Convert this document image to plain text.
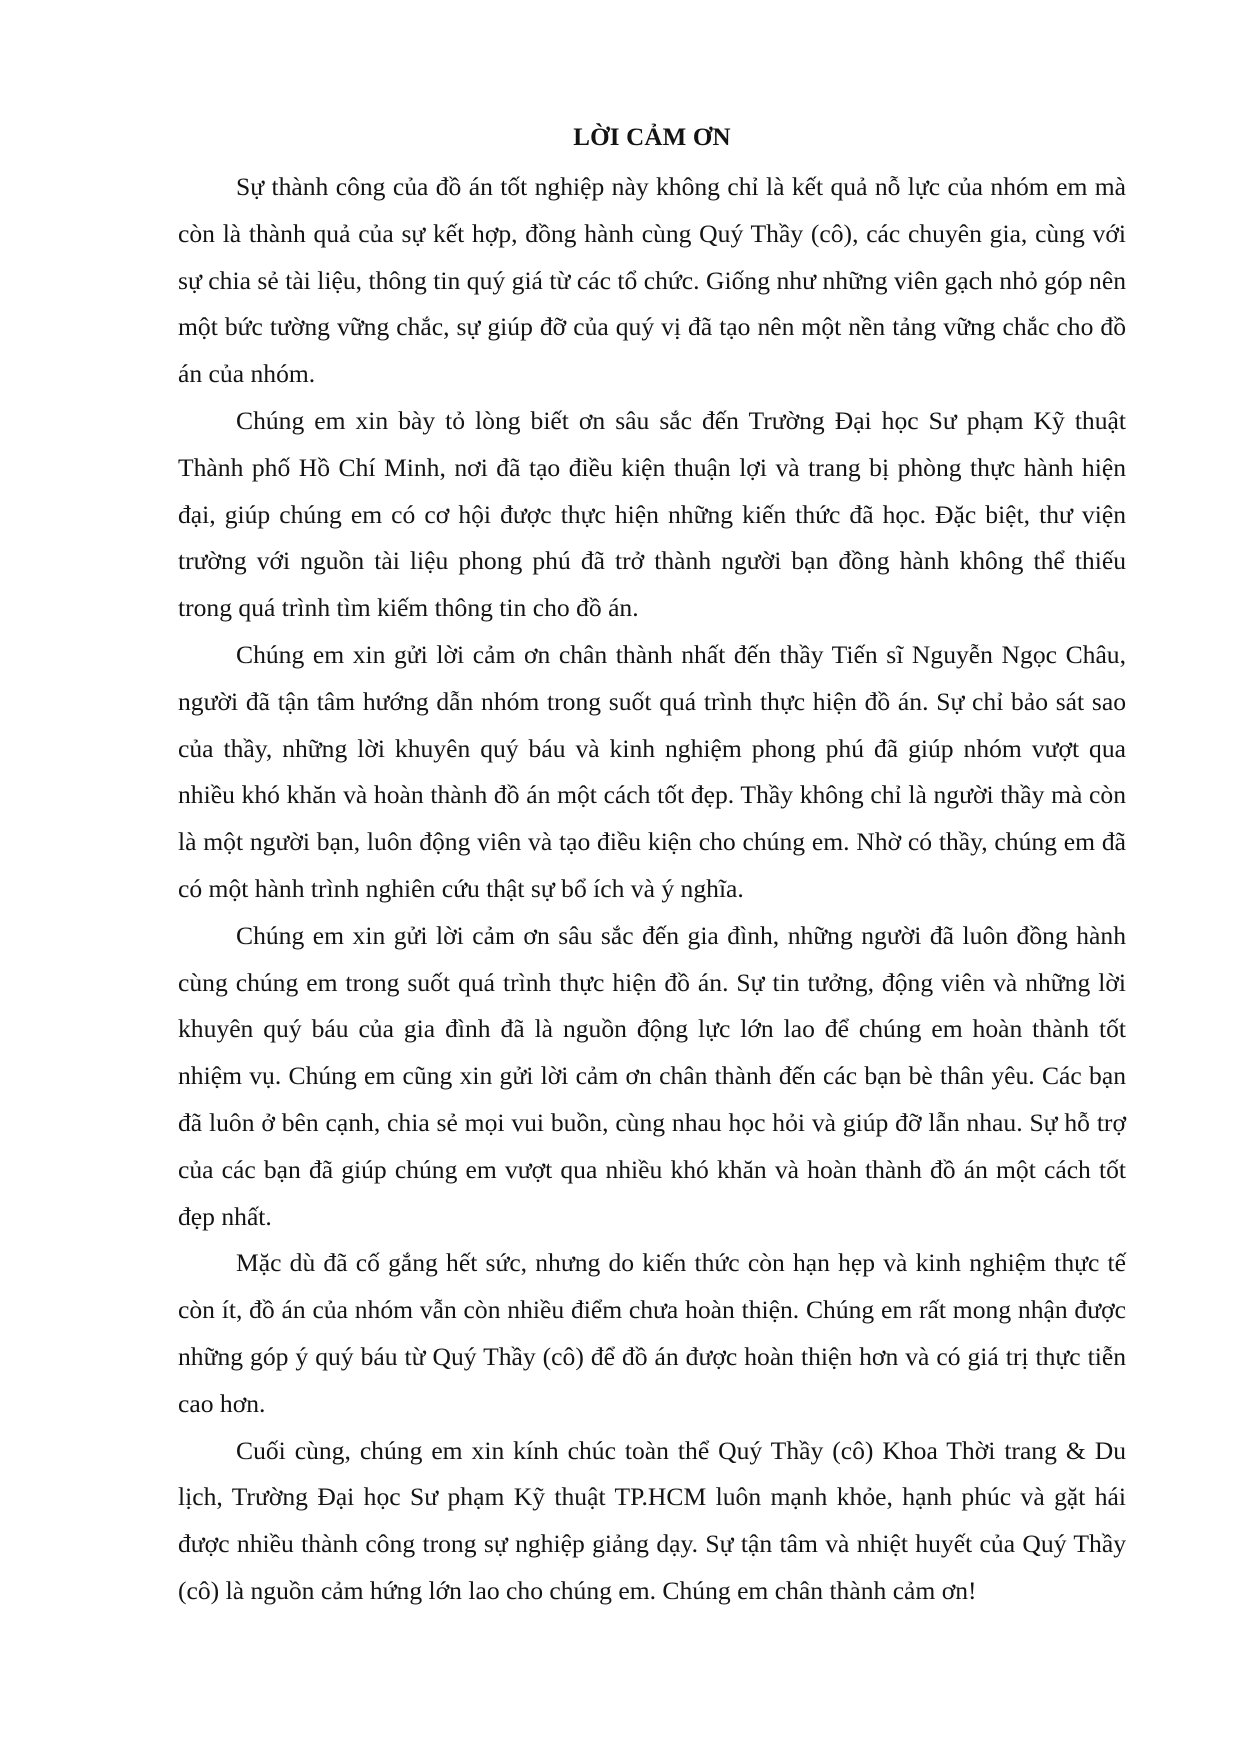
LỜI CẢM ƠN

Sự thành công của đồ án tốt nghiệp này không chỉ là kết quả nỗ lực của nhóm em mà còn là thành quả của sự kết hợp, đồng hành cùng Quý Thầy (cô), các chuyên gia, cùng với sự chia sẻ tài liệu, thông tin quý giá từ các tổ chức. Giống như những viên gạch nhỏ góp nên một bức tường vững chắc, sự giúp đỡ của quý vị đã tạo nên một nền tảng vững chắc cho đồ án của nhóm.

Chúng em xin bày tỏ lòng biết ơn sâu sắc đến Trường Đại học Sư phạm Kỹ thuật Thành phố Hồ Chí Minh, nơi đã tạo điều kiện thuận lợi và trang bị phòng thực hành hiện đại, giúp chúng em có cơ hội được thực hiện những kiến thức đã học. Đặc biệt, thư viện trường với nguồn tài liệu phong phú đã trở thành người bạn đồng hành không thể thiếu trong quá trình tìm kiếm thông tin cho đồ án.

Chúng em xin gửi lời cảm ơn chân thành nhất đến thầy Tiến sĩ Nguyễn Ngọc Châu, người đã tận tâm hướng dẫn nhóm trong suốt quá trình thực hiện đồ án. Sự chỉ bảo sát sao của thầy, những lời khuyên quý báu và kinh nghiệm phong phú đã giúp nhóm vượt qua nhiều khó khăn và hoàn thành đồ án một cách tốt đẹp. Thầy không chỉ là người thầy mà còn là một người bạn, luôn động viên và tạo điều kiện cho chúng em. Nhờ có thầy, chúng em đã có một hành trình nghiên cứu thật sự bổ ích và ý nghĩa.

Chúng em xin gửi lời cảm ơn sâu sắc đến gia đình, những người đã luôn đồng hành cùng chúng em trong suốt quá trình thực hiện đồ án. Sự tin tưởng, động viên và những lời khuyên quý báu của gia đình đã là nguồn động lực lớn lao để chúng em hoàn thành tốt nhiệm vụ. Chúng em cũng xin gửi lời cảm ơn chân thành đến các bạn bè thân yêu. Các bạn đã luôn ở bên cạnh, chia sẻ mọi vui buồn, cùng nhau học hỏi và giúp đỡ lẫn nhau. Sự hỗ trợ của các bạn đã giúp chúng em vượt qua nhiều khó khăn và hoàn thành đồ án một cách tốt đẹp nhất.

Mặc dù đã cố gắng hết sức, nhưng do kiến thức còn hạn hẹp và kinh nghiệm thực tế còn ít, đồ án của nhóm vẫn còn nhiều điểm chưa hoàn thiện. Chúng em rất mong nhận được những góp ý quý báu từ Quý Thầy (cô) để đồ án được hoàn thiện hơn và có giá trị thực tiễn cao hơn.

Cuối cùng, chúng em xin kính chúc toàn thể Quý Thầy (cô) Khoa Thời trang & Du lịch, Trường Đại học Sư phạm Kỹ thuật TP.HCM luôn mạnh khỏe, hạnh phúc và gặt hái được nhiều thành công trong sự nghiệp giảng dạy. Sự tận tâm và nhiệt huyết của Quý Thầy (cô) là nguồn cảm hứng lớn lao cho chúng em. Chúng em chân thành cảm ơn!
